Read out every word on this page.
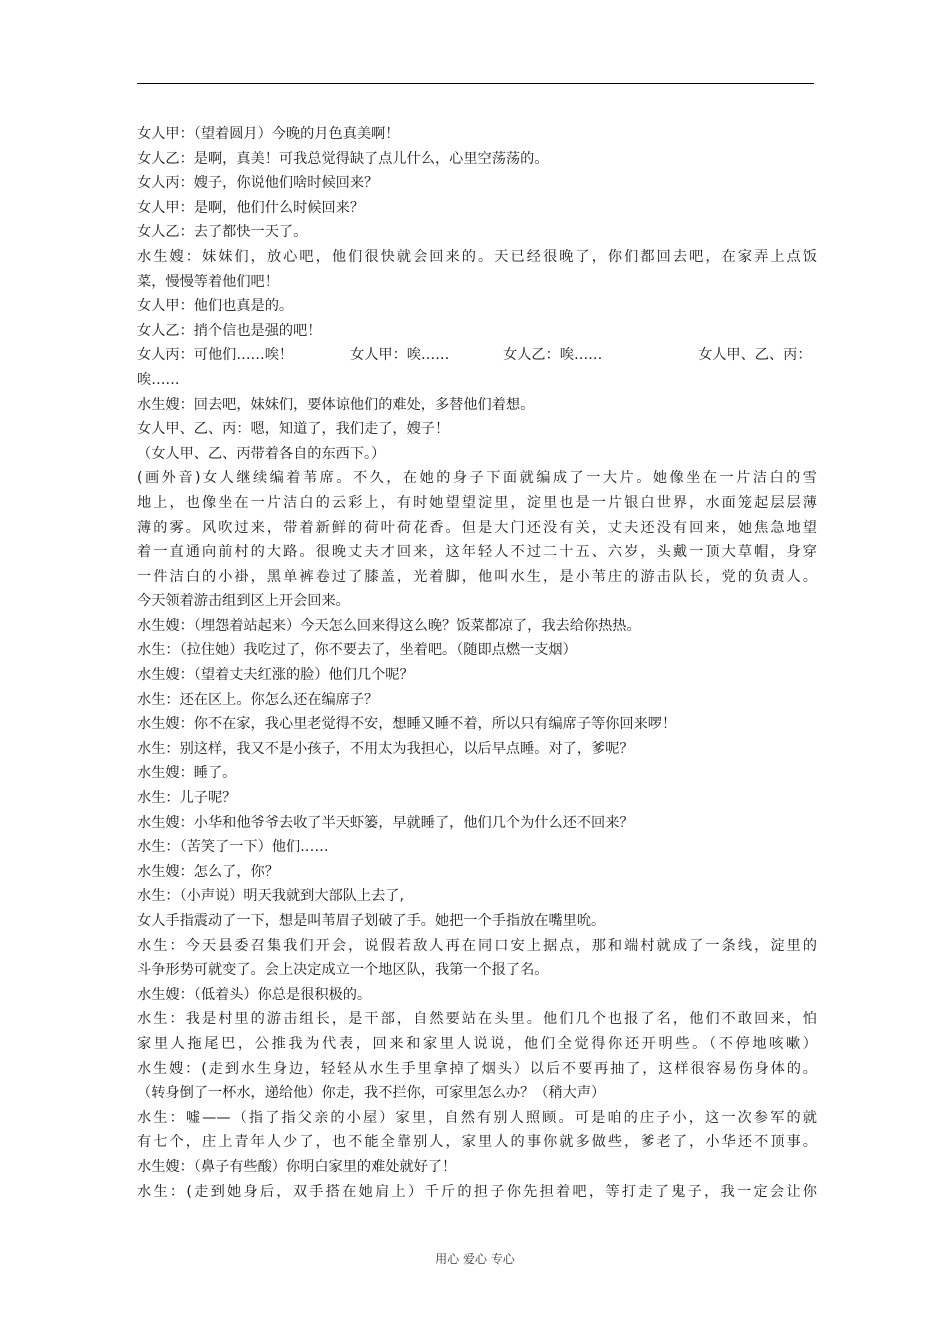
女人甲：（望着圆月）今晚的月色真美啊！
女人乙：是啊，真美！可我总觉得缺了点儿什么，心里空荡荡的。
女人丙：嫂子，你说他们啥时候回来？
女人甲：是啊，他们什么时候回来？
女人乙：去了都快一天了。
水生嫂：妹妹们，放心吧，他们很快就会回来的。天已经很晚了，你们都回去吧，在家弄上点饭
菜，慢慢等着他们吧！
女人甲：他们也真是的。
女人乙：捎个信也是强的吧！
女人丙：可他们……唉！	女人甲：唉……	女人乙：唉……	女人甲、乙、丙：
唉……
水生嫂：回去吧，妹妹们，要体谅他们的难处，多替他们着想。
女人甲、乙、丙：嗯，知道了，我们走了，嫂子！
（女人甲、乙、丙带着各自的东西下。）
(画外音)女人继续编着苇席。不久，在她的身子下面就编成了一大片。她像坐在一片洁白的雪
地上，也像坐在一片洁白的云彩上，有时她望望淀里，淀里也是一片银白世界，水面笼起层层薄
薄的雾。风吹过来，带着新鲜的荷叶荷花香。但是大门还没有关，丈夫还没有回来，她焦急地望
着一直通向前村的大路。很晚丈夫才回来，这年轻人不过二十五、六岁，头戴一顶大草帽，身穿
一件洁白的小褂，黑单裤卷过了膝盖，光着脚，他叫水生，是小苇庄的游击队长，党的负责人。
今天领着游击组到区上开会回来。
水生嫂：（埋怨着站起来）今天怎么回来得这么晚？饭菜都凉了，我去给你热热。
水生：（拉住她）我吃过了，你不要去了，坐着吧。（随即点燃一支烟）
水生嫂：（望着丈夫红涨的脸）他们几个呢？
水生：还在区上。你怎么还在编席子？
水生嫂：你不在家，我心里老觉得不安，想睡又睡不着，所以只有编席子等你回来啰！
水生：别这样，我又不是小孩子，不用太为我担心，以后早点睡。对了，爹呢？
水生嫂：睡了。
水生：儿子呢？
水生嫂：小华和他爷爷去收了半天虾篓，早就睡了，他们几个为什么还不回来？
水生：（苦笑了一下）他们……
水生嫂：怎么了，你？
水生：（小声说）明天我就到大部队上去了,
女人手指震动了一下，想是叫苇眉子划破了手。她把一个手指放在嘴里吮。
水生：今天县委召集我们开会，说假若敌人再在同口安上据点，那和端村就成了一条线，淀里的
斗争形势可就变了。会上决定成立一个地区队，我第一个报了名。
水生嫂：（低着头）你总是很积极的。
水生：我是村里的游击组长，是干部，自然要站在头里。他们几个也报了名，他们不敢回来，怕
家里人拖尾巴，公推我为代表，回来和家里人说说，他们全觉得你还开明些。（不停地咳嗽）
水生嫂：(走到水生身边，轻轻从水生手里拿掉了烟头）以后不要再抽了，这样很容易伤身体的。
（转身倒了一杯水，递给他）你走，我不拦你，可家里怎么办？（稍大声）
水生：嘘——（指了指父亲的小屋）家里，自然有别人照顾。可是咱的庄子小，这一次参军的就
有七个，庄上青年人少了，也不能全靠别人，家里人的事你就多做些，爹老了，小华还不顶事。
水生嫂：（鼻子有些酸）你明白家里的难处就好了！
水生：(走到她身后，双手搭在她肩上）千斤的担子你先担着吧，等打走了鬼子，我一定会让你
用心 爱心 专心
